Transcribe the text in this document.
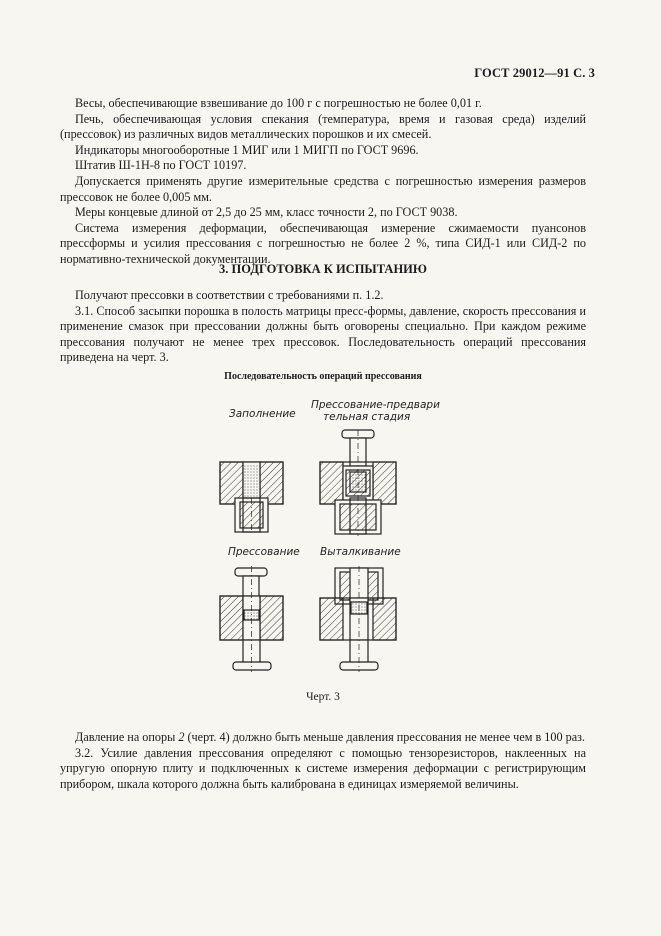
ГОСТ 29012—91 С. 3

Весы, обеспечивающие взвешивание до 100 г с погрешностью не более 0,01 г.

Печь, обеспечивающая условия спекания (температура, время и газовая среда) изделий (прессовок) из различных видов металлических порошков и их смесей.

Индикаторы многооборотные 1 МИГ или 1 МИГП по ГОСТ 9696.

Штатив Ш-1Н-8 по ГОСТ 10197.

Допускается применять другие измерительные средства с погрешностью измерения размеров прессовок не более 0,005 мм.

Меры концевые длиной от 2,5 до 25 мм, класс точности 2, по ГОСТ 9038.

Система измерения деформации, обеспечивающая измерение сжимаемости пуансонов прессформы и усилия прессования с погрешностью не более 2 %, типа СИД-1 или СИД-2 по нормативно-технической документации.

3. ПОДГОТОВКА К ИСПЫТАНИЮ

Получают прессовки в соответствии с требованиями п. 1.2.

3.1. Способ засыпки порошка в полость матрицы пресс-формы, давление, скорость прессования и применение смазок при прессовании должны быть оговорены специально. При каждом режиме прессования получают не менее трех прессовок. Последовательность операций прессования приведена на черт. 3.

Последовательность операций прессования
Заполнение
Прессование-предвари
тельная стадия
Прессование Выталкивание
Черт. 3

Давление на опоры 2 (черт. 4) должно быть меньше давления прессования не менее чем в 100 раз.

3.2. Усилие давления прессования определяют с помощью тензорезисторов, наклеенных на упругую опорную плиту и подключенных к системе измерения деформации с регистрирующим прибором, шкала которого должна быть калибрована в единицах измеряемой величины.
